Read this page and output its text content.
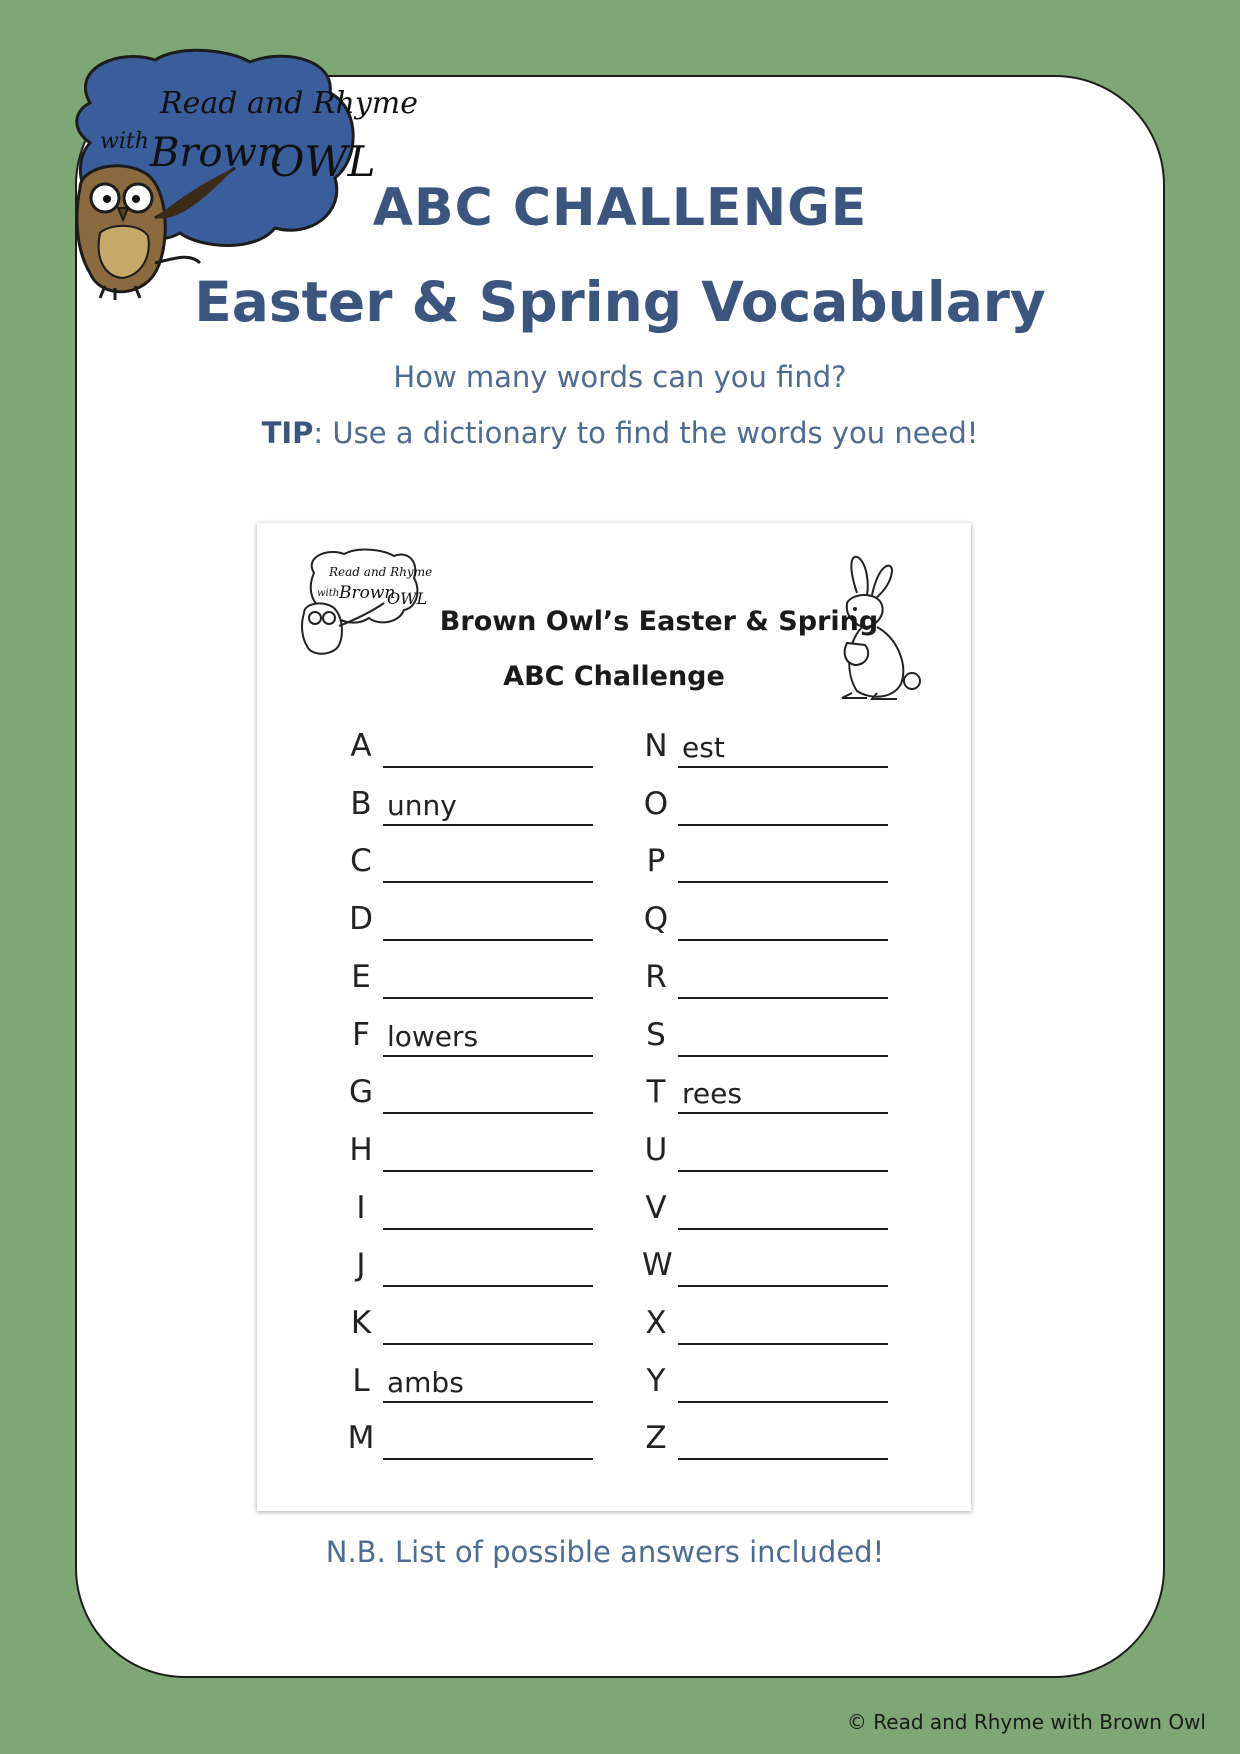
Read and Rhyme
with Brown
OWL
ABC CHALLENGE
Easter & Spring Vocabulary

How many words can you find?

TIP: Use a dictionary to find the words you need!

Read and Rhyme
with Brown
OWL
Brown Owl’s Easter & Spring
ABC Challenge
A
B unny
C
D
E
F lowers
G
H
I
J
K
L ambs
M
N est
O
P
Q
R
S
T rees
U
V
W
X
Y
Z

N.B. List of possible answers included!

© Read and Rhyme with Brown Owl
